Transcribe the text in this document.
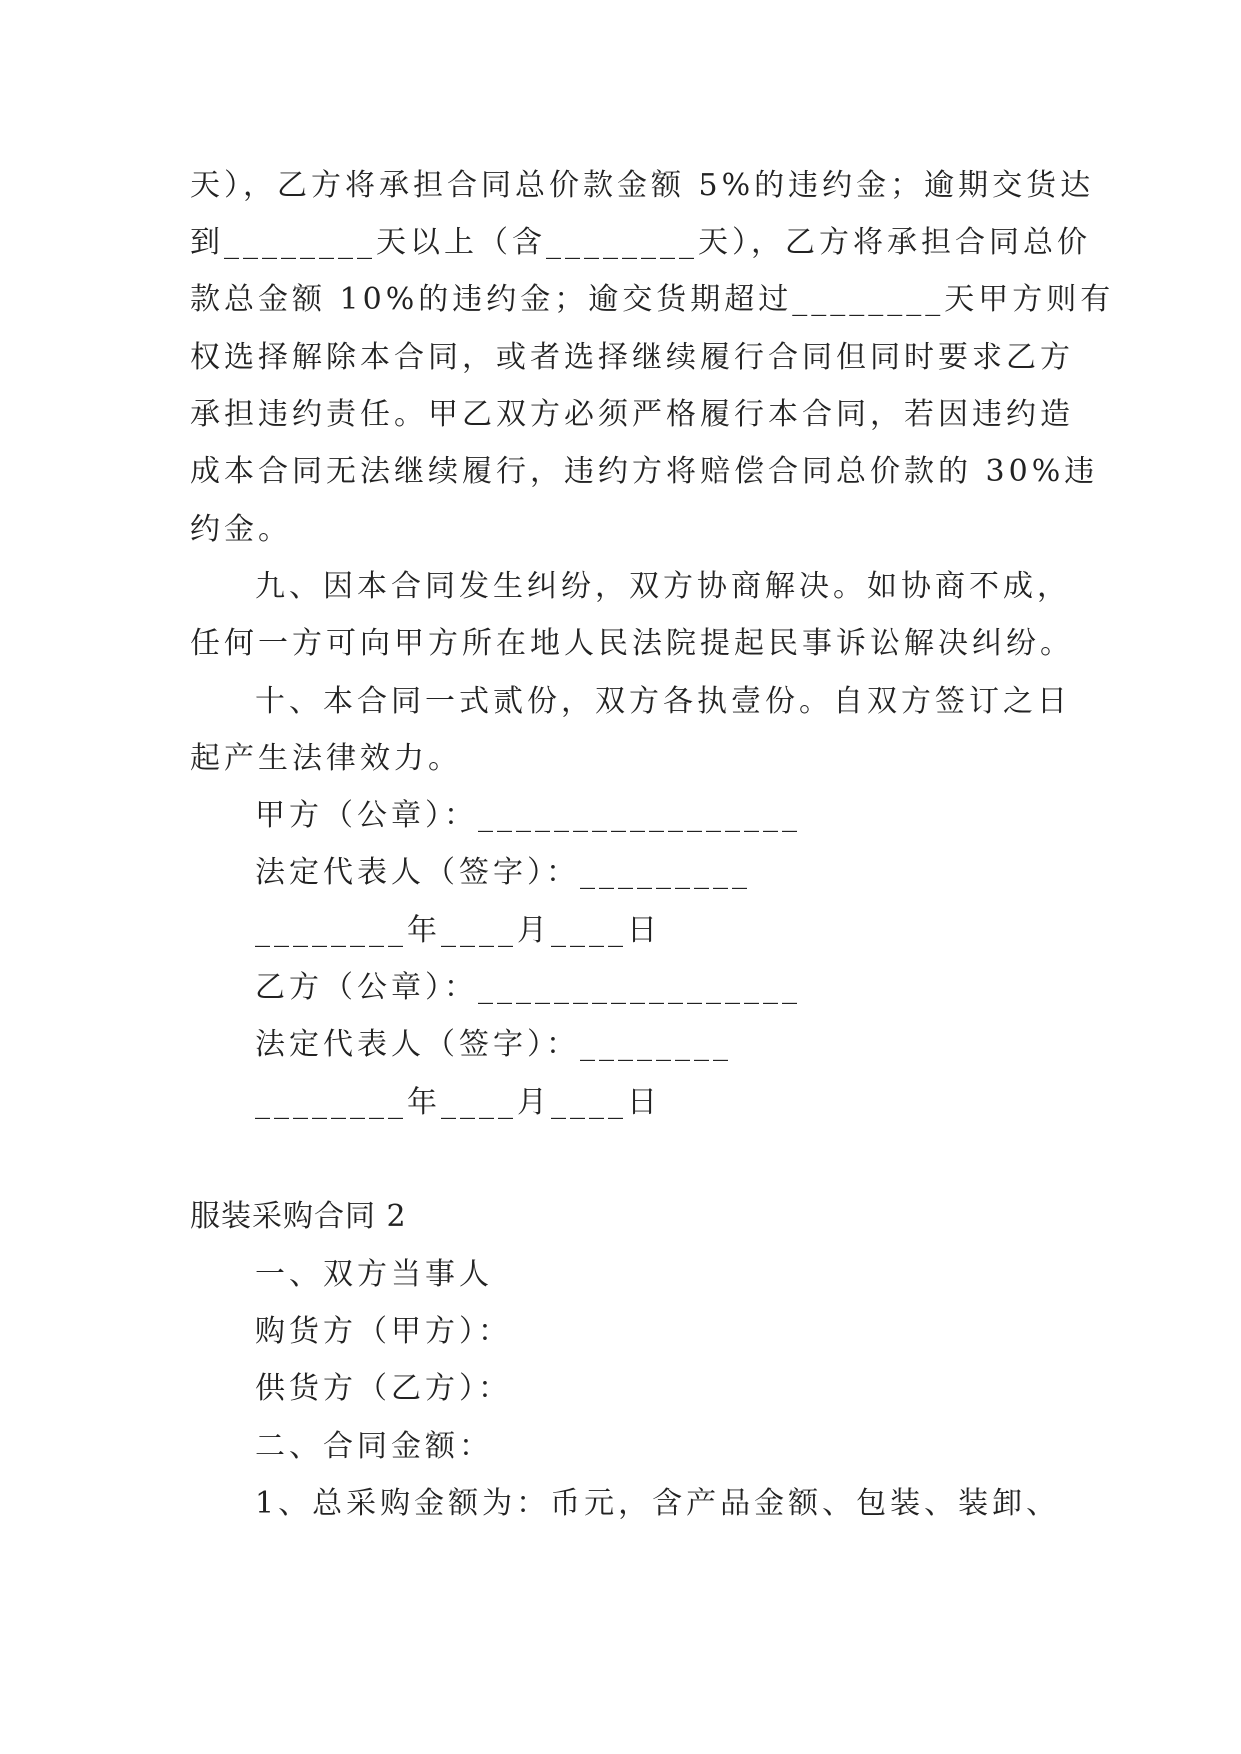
天），乙方将承担合同总价款金额 5%的违约金；逾期交货达
到________天以上（含________天），乙方将承担合同总价
款总金额 10%的违约金；逾交货期超过________天甲方则有
权选择解除本合同，或者选择继续履行合同但同时要求乙方
承担违约责任。甲乙双方必须严格履行本合同，若因违约造
成本合同无法继续履行，违约方将赔偿合同总价款的 30%违
约金。
九、因本合同发生纠纷，双方协商解决。如协商不成，
任何一方可向甲方所在地人民法院提起民事诉讼解决纠纷。
十、本合同一式贰份，双方各执壹份。自双方签订之日
起产生法律效力。
甲方（公章）：_________________
法定代表人（签字）：_________
________年____月____日
乙方（公章）：_________________
法定代表人（签字）：________
________年____月____日
服装采购合同 2
一、双方当事人
购货方（甲方）：
供货方（乙方）：
二、合同金额：
1、总采购金额为：币元，含产品金额、包装、装卸、
